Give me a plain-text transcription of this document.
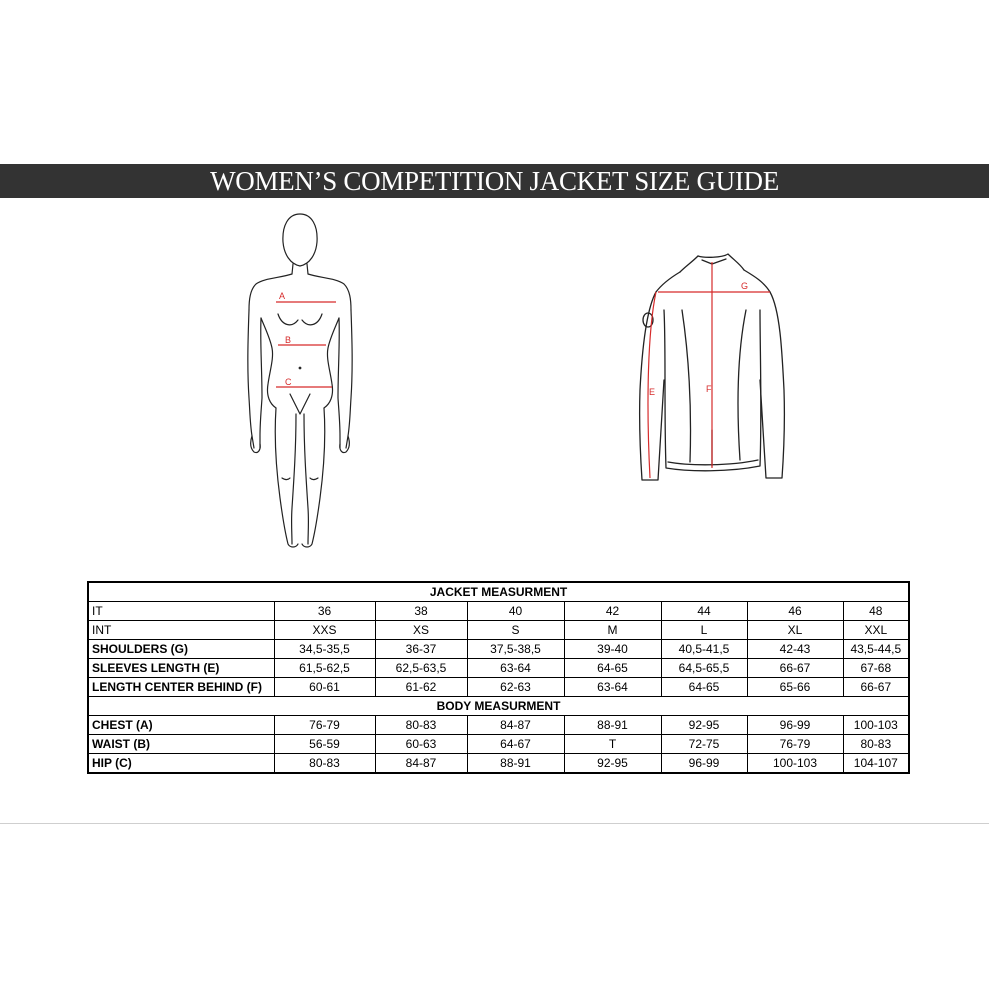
WOMEN’S COMPETITION JACKET SIZE GUIDE
A
B
C
G
E	F
JACKET MEASURMENT							
IT	36	38	40	42	44	46	48
INT	XXS	XS	S	M	L	XL	XXL
SHOULDERS (G)	34,5-35,5	36-37	37,5-38,5	39-40	40,5-41,5	42-43	43,5-44,5
SLEEVES LENGTH (E)	61,5-62,5	62,5-63,5	63-64	64-65	64,5-65,5	66-67	67-68
LENGTH CENTER BEHIND (F)	60-61	61-62	62-63	63-64	64-65	65-66	66-67
BODY MEASURMENT							
CHEST (A)	76-79	80-83	84-87	88-91	92-95	96-99	100-103
WAIST (B)	56-59	60-63	64-67	T	72-75	76-79	80-83
HIP (C)	80-83	84-87	88-91	92-95	96-99	100-103	104-107
